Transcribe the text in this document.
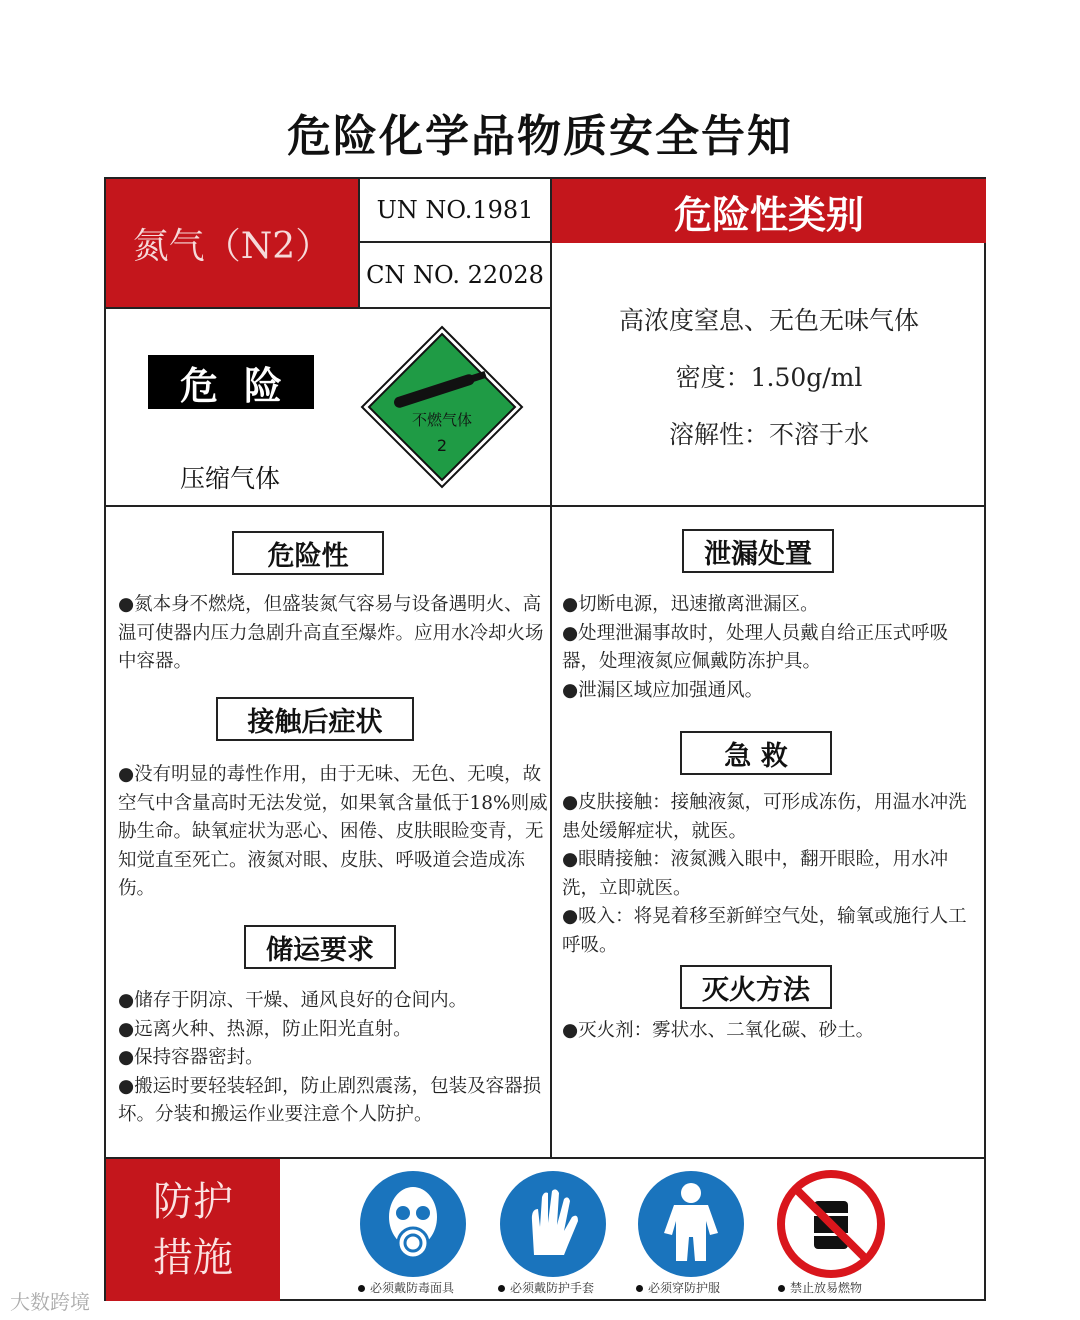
危险化学品物质安全告知
氮气（N2）
UN NO.1981
CN NO. 22028
危险性类别
高浓度窒息、无色无味气体
密度：1.50g/ml
溶解性：不溶于水
危险
压缩气体
不燃气体
2
危险性

●氮本身不燃烧，但盛装氮气容易与设备遇明火、高温可使器内压力急剧升高直至爆炸。应用水冷却火场中容器。

接触后症状

●没有明显的毒性作用，由于无味、无色、无嗅，故空气中含量高时无法发觉，如果氧含量低于18%则威胁生命。缺氧症状为恶心、困倦、皮肤眼睑变青，无知觉直至死亡。液氮对眼、皮肤、呼吸道会造成冻伤。

储运要求

●储存于阴凉、干燥、通风良好的仓间内。

●远离火种、热源，防止阳光直射。

●保持容器密封。

●搬运时要轻装轻卸，防止剧烈震荡，包装及容器损坏。分装和搬运作业要注意个人防护。

泄漏处置

●切断电源，迅速撤离泄漏区。

●处理泄漏事故时，处理人员戴自给正压式呼吸器，处理液氮应佩戴防冻护具。

●泄漏区域应加强通风。

急 救

●皮肤接触：接触液氮，可形成冻伤，用温水冲洗患处缓解症状，就医。

●眼睛接触：液氮溅入眼中，翻开眼睑，用水冲洗，立即就医。

●吸入：将晃着移至新鲜空气处，输氧或施行人工呼吸。

灭火方法

●灭火剂：雾状水、二氧化碳、砂土。

防护
措施
必须戴防毒面具	必须戴防护手套	必须穿防护服	禁止放易燃物
大数跨境
